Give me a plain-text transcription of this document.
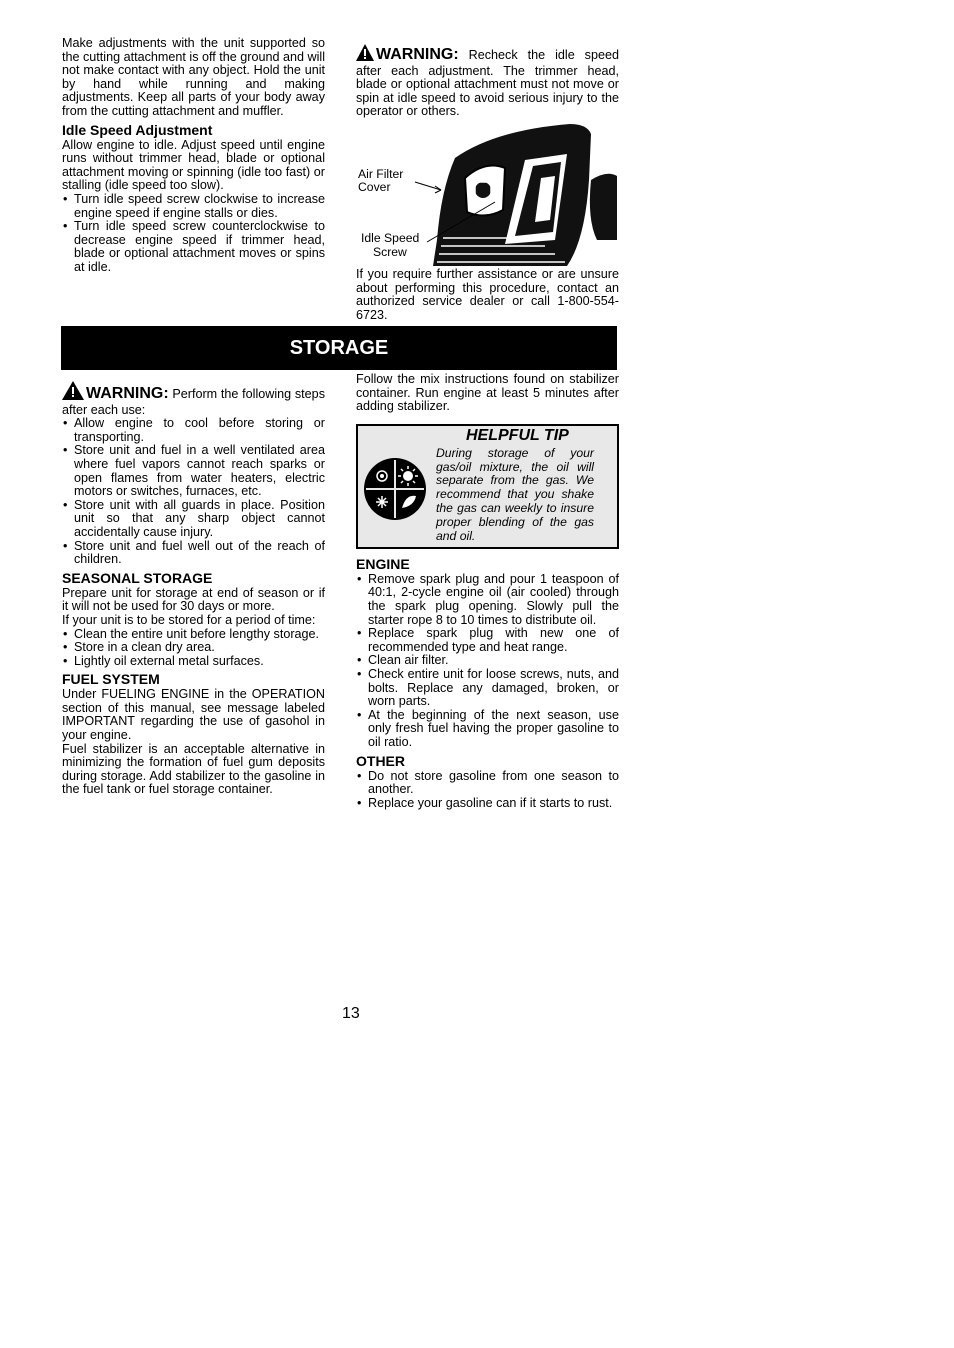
Make adjustments with the unit supported so the cutting attachment is off the ground and will not make contact with any object. Hold the unit by hand while running and making adjustments. Keep all parts of your body away from the cutting attachment and muffler.

Idle Speed Adjustment

Allow engine to idle. Adjust speed until engine runs without trimmer head, blade or optional attachment moving or spinning (idle too fast) or stalling (idle speed too slow).

• Turn idle speed screw clockwise to increase engine speed if engine stalls or dies.
• Turn idle speed screw counterclockwise to decrease engine speed if trimmer head, blade or optional attachment moves or spins at idle.

WARNING: Recheck the idle speed after each adjustment. The trimmer head, blade or optional attachment must not move or spin at idle speed to avoid serious injury to the operator or others.

Air Filter Cover
Idle Speed
Screw

If you require further assistance or are unsure about performing this procedure, contact an authorized service dealer or call 1-800-554-6723.

STORAGE

WARNING: Perform the following steps after each use:

• Allow engine to cool before storing or transporting.
• Store unit and fuel in a well ventilated area where fuel vapors cannot reach sparks or open flames from water heaters, electric motors or switches, furnaces, etc.
• Store unit with all guards in place. Position unit so that any sharp object cannot accidentally cause injury.
• Store unit and fuel well out of the reach of children.
SEASONAL STORAGE

Prepare unit for storage at end of season or if it will not be used for 30 days or more.

If your unit is to be stored for a period of time:

• Clean the entire unit before lengthy storage.
• Store in a clean dry area.
• Lightly oil external metal surfaces.
FUEL SYSTEM

Under FUELING ENGINE in the OPERATION section of this manual, see message labeled IMPORTANT regarding the use of gasohol in your engine.

Fuel stabilizer is an acceptable alternative in minimizing the formation of fuel gum deposits during storage. Add stabilizer to the gasoline in the fuel tank or fuel storage container.

Follow the mix instructions found on stabilizer container. Run engine at least 5 minutes after adding stabilizer.

HELPFUL TIP
During storage of your gas/oil mixture, the oil will separate from the gas. We recommend that you shake the gas can weekly to insure proper blending of the gas and oil.
ENGINE
• Remove spark plug and pour 1 teaspoon of 40:1, 2-cycle engine oil (air cooled) through the spark plug opening. Slowly pull the starter rope 8 to 10 times to distribute oil.
• Replace spark plug with new one of recommended type and heat range.
• Clean air filter.
• Check entire unit for loose screws, nuts, and bolts. Replace any damaged, broken, or worn parts.
• At the beginning of the next season, use only fresh fuel having the proper gasoline to oil ratio.
OTHER
• Do not store gasoline from one season to another.
• Replace your gasoline can if it starts to rust.
13
